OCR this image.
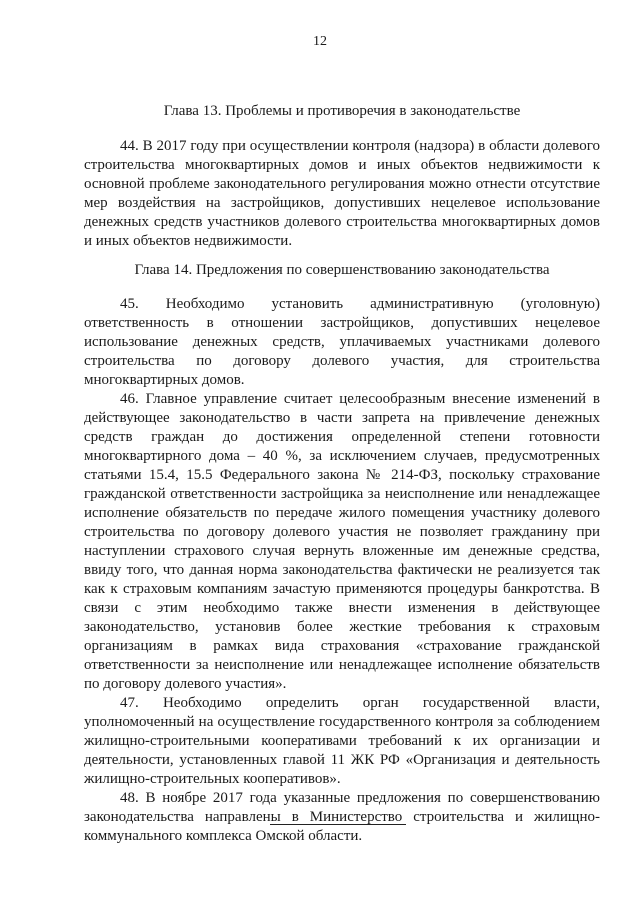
12
Глава 13. Проблемы и противоречия в законодательстве

44. В 2017 году при осуществлении контроля (надзора) в области долевого строительства многоквартирных домов и иных объектов недвижимости к основной проблеме законодательного регулирования можно отнести отсутствие мер воздействия на застройщиков, допустивших нецелевое использование денежных средств участников долевого строительства многоквартирных домов и иных объектов недвижимости.

Глава 14. Предложения по совершенствованию законодательства

45. Необходимо установить административную (уголовную) ответственность в отношении застройщиков, допустивших нецелевое использование денежных средств, уплачиваемых участниками долевого строительства по договору долевого участия, для строительства многоквартирных домов.

46. Главное управление считает целесообразным внесение изменений в действующее законодательство в части запрета на привлечение денежных средств граждан до достижения определенной степени готовности многоквартирного дома – 40 %, за исключением случаев, предусмотренных статьями 15.4, 15.5 Федерального закона № 214-ФЗ, поскольку страхование гражданской ответственности застройщика за неисполнение или ненадлежащее исполнение обязательств по передаче жилого помещения участнику долевого строительства по договору долевого участия не позволяет гражданину при наступлении страхового случая вернуть вложенные им денежные средства, ввиду того, что данная норма законодательства фактически не реализуется так как к страховым компаниям зачастую применяются процедуры банкротства. В связи с этим необходимо также внести изменения в действующее законодательство, установив более жесткие требования к страховым организациям в рамках вида страхования «страхование гражданской ответственности за неисполнение или ненадлежащее исполнение обязательств по договору долевого участия».

47. Необходимо определить орган государственной власти, уполномоченный на осуществление государственного контроля за соблюдением жилищно-строительными кооперативами требований к их организации и деятельности, установленных главой 11 ЖК РФ «Организация и деятельность жилищно-строительных кооперативов».

48. В ноябре 2017 года указанные предложения по совершенствованию законодательства направлены в Министерство строительства и жилищно-коммунального комплекса Омской области.
